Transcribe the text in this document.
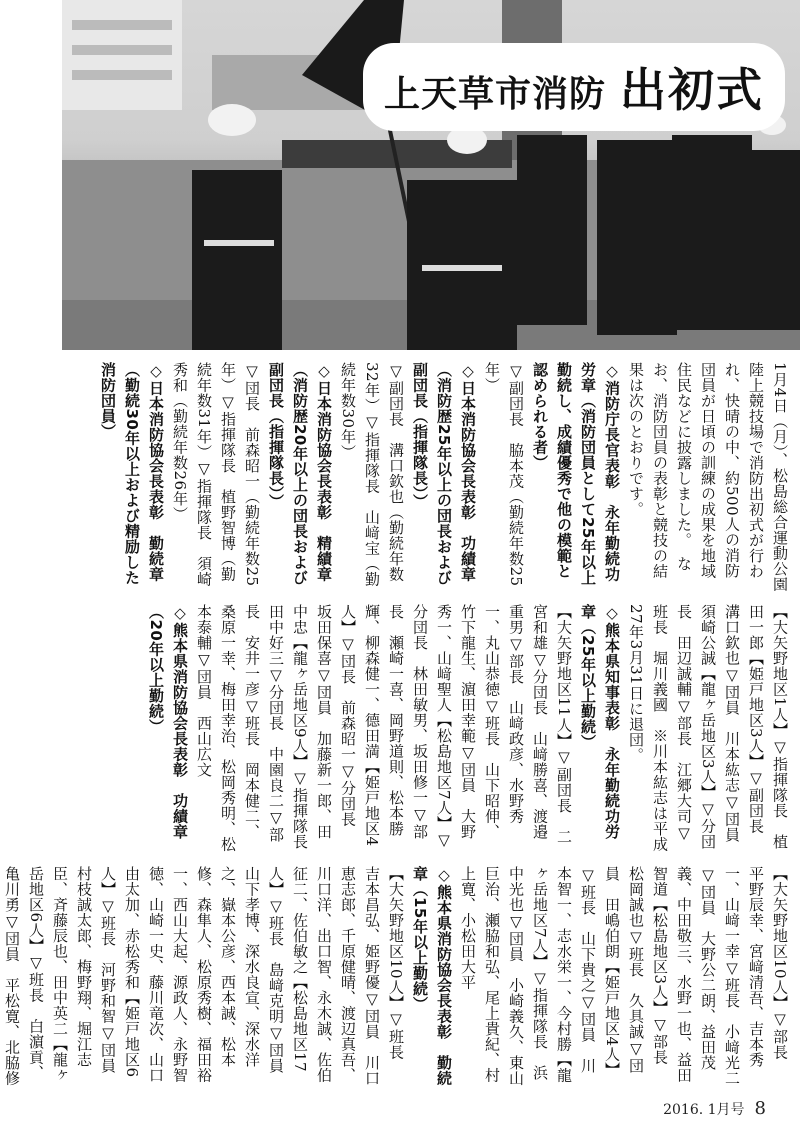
上天草市消防 出初式

1月4日（月）、松島総合運動公園陸上競技場で消防出初式が行われ、快晴の中、約500人の消防団員が日頃の訓練の成果を地域住民などに披露しました。　なお、消防団員の表彰と競技の結果は次のとおりです。

◇消防庁長官表彰　永年勤続功労章（消防団員として25年以上勤続し、成績優秀で他の模範と認められる者）

▽副団長　脇本茂（勤続年数25年）

◇日本消防協会長表彰　功績章（消防歴25年以上の団長および副団長（指揮隊長））

▽副団長　溝口欽也（勤続年数32年）▽指揮隊長　山﨑宝（勤続年数30年）

◇日本消防協会長表彰　精績章（消防歴20年以上の団長および副団長（指揮隊長））

▽団長　前森昭一（勤続年数25年）▽指揮隊長　植野智博（勤続年数31年）▽指揮隊長　須崎秀和（勤続年数26年）

◇日本消防協会長表彰　勤続章（勤続30年以上および精励した消防団員）

【大矢野地区1人】▽指揮隊長　植田一郎【姫戸地区3人】▽副団長　溝口欽也▽団員　川本紘志▽団員　須崎公誠【龍ヶ岳地区3人】▽分団長　田辺誠輔▽部長　江郷大司▽班長　堀川義國　※川本紘志は平成27年3月31日に退団。

◇熊本県知事表彰　永年勤続功労章（25年以上勤続）

【大矢野地区11人】▽副団長　二宮和雄▽分団長　山﨑勝喜、渡邉重男▽部長　山﨑政彦、水野秀一、丸山恭徳▽班長　山下昭伸、竹下龍生、濵田幸範▽団員　大野秀一、山﨑聖人【松島地区7人】▽分団長　林田敏男、坂田修一▽部長　瀬崎一喜、岡野道則、松本勝輝、柳森健一、德田満【姫戸地区4人】▽団長　前森昭一▽分団長　坂田保喜▽団員　加藤新一郎、田中忠【龍ヶ岳地区9人】▽指揮隊長　田中好三▽分団長　中園良二▽部長　安井一彦▽班長　岡本健二、桑原一幸、梅田幸治、松岡秀明、松本泰輔▽団員　西山広文

◇熊本県消防協会長表彰　功績章（20年以上勤続）

【大矢野地区10人】▽部長　平野辰幸、宮﨑清吾、吉本秀一、山﨑一幸▽班長　小﨑光二▽団員　大野公二朗、益田茂義、中田敬三、水野一也、益田智道【松島地区3人】▽部長　松岡誠也▽班長　久具誠▽団員　田嶋伯朗【姫戸地区4人】▽班長　山下貴之▽団員　川本智一、志水栄一、今村勝【龍ヶ岳地区7人】▽指揮隊長　浜中光也▽団員　小崎義久、東山巨治、瀬脇和弘、尾上貴紀、村上寛、小松田大平

◇熊本県消防協会長表彰　勤続章（15年以上勤続）

【大矢野地区10人】▽班長　吉本昌弘、姫野優▽団員　川口恵志郎、千原健晴、渡辺真吾、川口洋、出口智、永木誠、佐伯征二、佐伯敏之【松島地区17人】▽班長　島﨑克明▽団員　山下孝博、深水良宣、深水洋之、嶽本公彦、西本誠、松本修、森隼人、松原秀樹、福田裕一、西山大起、源政人、永野智徳、山崎一史、藤川竜次、山口由太加、赤松秀和【姫戸地区6人】▽班長　河野和智▽団員　村枝誠太郎、梅野翔、堀江志臣、斉藤辰也、田中英二【龍ヶ岳地区6人】▽班長　白濵貢、亀川勇▽団員　平松寛、北脇修

2016. 1月号 8
